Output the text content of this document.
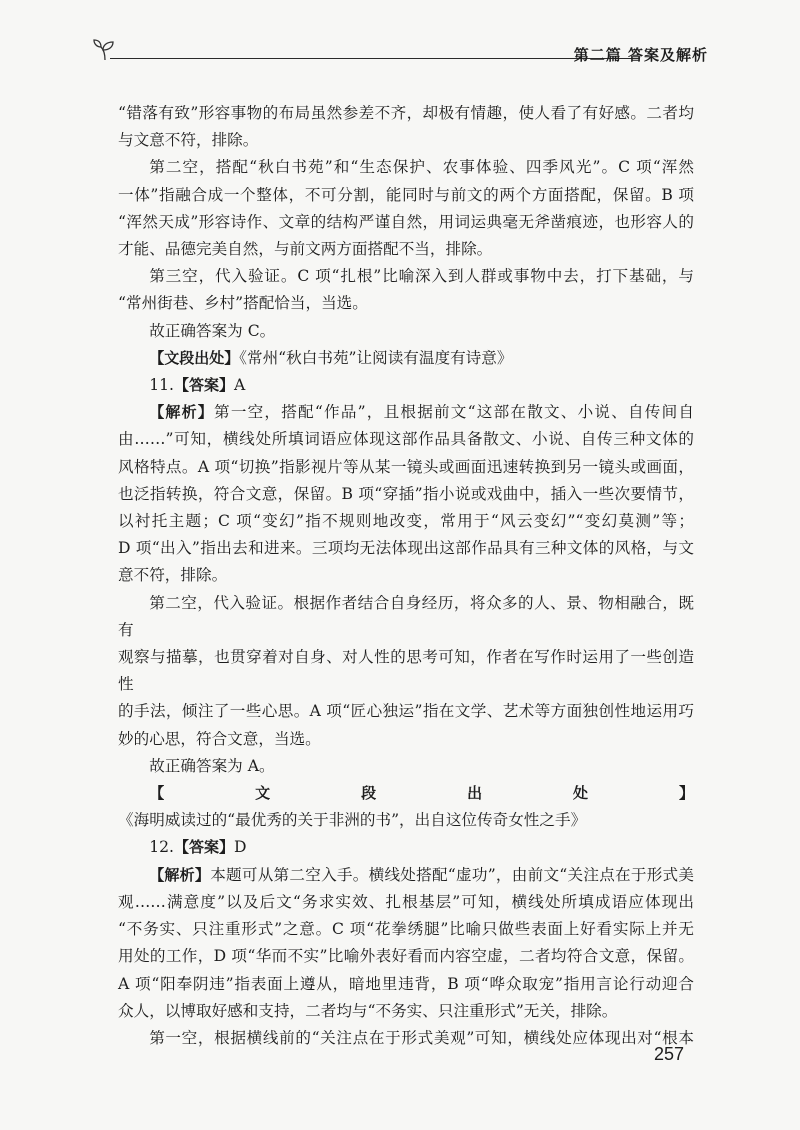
第二篇 答案及解析

“错落有致”形容事物的布局虽然参差不齐，却极有情趣，使人看了有好感。二者均

与文意不符，排除。

第二空，搭配“秋白书苑”和“生态保护、农事体验、四季风光”。C 项“浑然

一体”指融合成一个整体，不可分割，能同时与前文的两个方面搭配，保留。B 项

“浑然天成”形容诗作、文章的结构严谨自然，用词运典毫无斧凿痕迹，也形容人的

才能、品德完美自然，与前文两方面搭配不当，排除。

第三空，代入验证。C 项“扎根”比喻深入到人群或事物中去，打下基础，与

“常州街巷、乡村”搭配恰当，当选。

故正确答案为 C。

【文段出处】《常州“秋白书苑”让阅读有温度有诗意》

11.【答案】A

【解析】第一空，搭配“作品”，且根据前文“这部在散文、小说、自传间自

由……”可知，横线处所填词语应体现这部作品具备散文、小说、自传三种文体的

风格特点。A 项“切换”指影视片等从某一镜头或画面迅速转换到另一镜头或画面，

也泛指转换，符合文意，保留。B 项“穿插”指小说或戏曲中，插入一些次要情节，

以衬托主题；C 项“变幻”指不规则地改变，常用于“风云变幻”“变幻莫测”等；

D 项“出入”指出去和进来。三项均无法体现出这部作品具有三种文体的风格，与文

意不符，排除。

第二空，代入验证。根据作者结合自身经历，将众多的人、景、物相融合，既有

观察与描摹，也贯穿着对自身、对人性的思考可知，作者在写作时运用了一些创造性

的手法，倾注了一些心思。A 项“匠心独运”指在文学、艺术等方面独创性地运用巧

妙的心思，符合文意，当选。

故正确答案为 A。

【文段出处】《海明威读过的“最优秀的关于非洲的书”，出自这位传奇女性之手》

12.【答案】D

【解析】本题可从第二空入手。横线处搭配“虚功”，由前文“关注点在于形式美

观……满意度”以及后文“务求实效、扎根基层”可知，横线处所填成语应体现出

“不务实、只注重形式”之意。C 项“花拳绣腿”比喻只做些表面上好看实际上并无

用处的工作，D 项“华而不实”比喻外表好看而内容空虚，二者均符合文意，保留。

A 项“阳奉阴违”指表面上遵从，暗地里违背，B 项“哗众取宠”指用言论行动迎合

众人，以博取好感和支持，二者均与“不务实、只注重形式”无关，排除。

第一空，根据横线前的“关注点在于形式美观”可知，横线处应体现出对“根本

257
